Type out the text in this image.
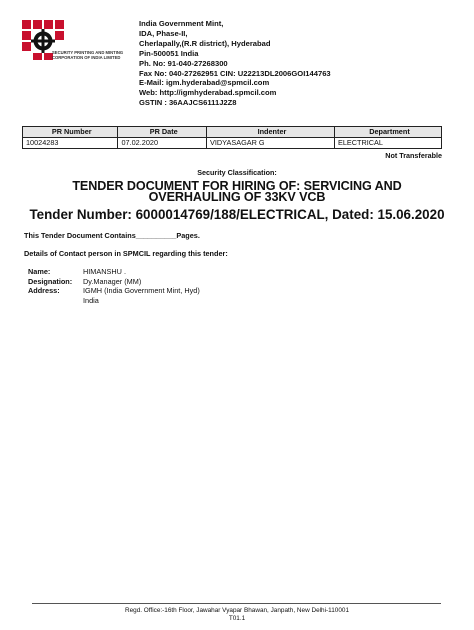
SECURITY PRINTING AND MINTING
CORPORATION OF INDIA LIMITED
India Government Mint,
IDA, Phase-II,
Cherlapally,(R.R district), Hyderabad
Pin-500051 India
Ph. No: 91-040-27268300
Fax No: 040-27262951 CIN: U22213DL2006GOI144763
E-Mail: igm.hyderabad@spmcil.com
Web: http://igmhyderabad.spmcil.com
GSTIN : 36AAJCS6111J2Z8
PR Number	PR Date	Indenter	Department
10024283	07.02.2020	VIDYASAGAR G	ELECTRICAL
Not Transferable
Security Classification:
TENDER DOCUMENT FOR HIRING OF: SERVICING AND OVERHAULING OF 33KV VCB
Tender Number: 6000014769/188/ELECTRICAL, Dated: 15.06.2020
This Tender Document Contains__________Pages.
Details of Contact person in SPMCIL regarding this tender:
Name:	HIMANSHU .
Designation:	Dy.Manager (MM)
Address:	IGMH (India Government Mint, Hyd)
India
Regd. Office:-16th Floor, Jawahar Vyapar Bhawan, Janpath, New Delhi-110001
T01.1
